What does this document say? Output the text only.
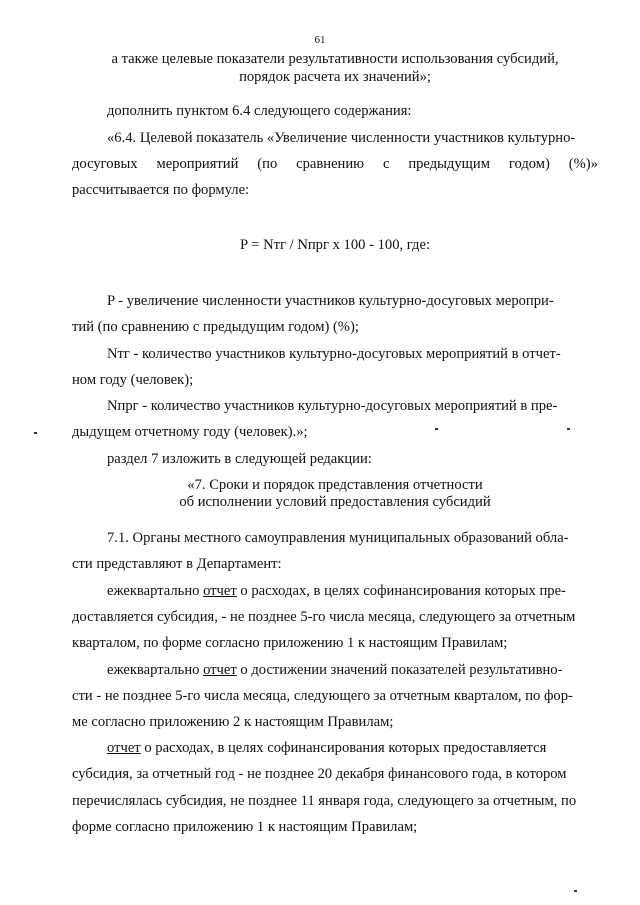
61
а также целевые показатели результативности использования субсидий,
порядок расчета их значений»;
дополнить пунктом 6.4 следующего содержания:
«6.4. Целевой показатель «Увеличение численности участников культурно-
досуговых мероприятий (по сравнению с предыдущим годом) (%)»
рассчитывается по формуле:
P = Nтг / Nпрг x 100 - 100, где:
P - увеличение численности участников культурно-досуговых меропри-
тий (по сравнению с предыдущим годом) (%);
Nтг - количество участников культурно-досуговых мероприятий в отчет-
ном году (человек);
Nпрг - количество участников культурно-досуговых мероприятий в пре-
дыдущем отчетному году (человек).»;
раздел 7 изложить в следующей редакции:
«7. Сроки и порядок представления отчетности
об исполнении условий предоставления субсидий
7.1. Органы местного самоуправления муниципальных образований обла-
сти представляют в Департамент:
ежеквартально отчет о расходах, в целях софинансирования которых пре-
доставляется субсидия, - не позднее 5-го числа месяца, следующего за отчетным
кварталом, по форме согласно приложению 1 к настоящим Правилам;
ежеквартально отчет о достижении значений показателей результативно-
сти - не позднее 5-го числа месяца, следующего за отчетным кварталом, по фор-
ме согласно приложению 2 к настоящим Правилам;
отчет о расходах, в целях софинансирования которых предоставляется
субсидия, за отчетный год - не позднее 20 декабря финансового года, в котором
перечислялась субсидия, не позднее 11 января года, следующего за отчетным, по
форме согласно приложению 1 к настоящим Правилам;
